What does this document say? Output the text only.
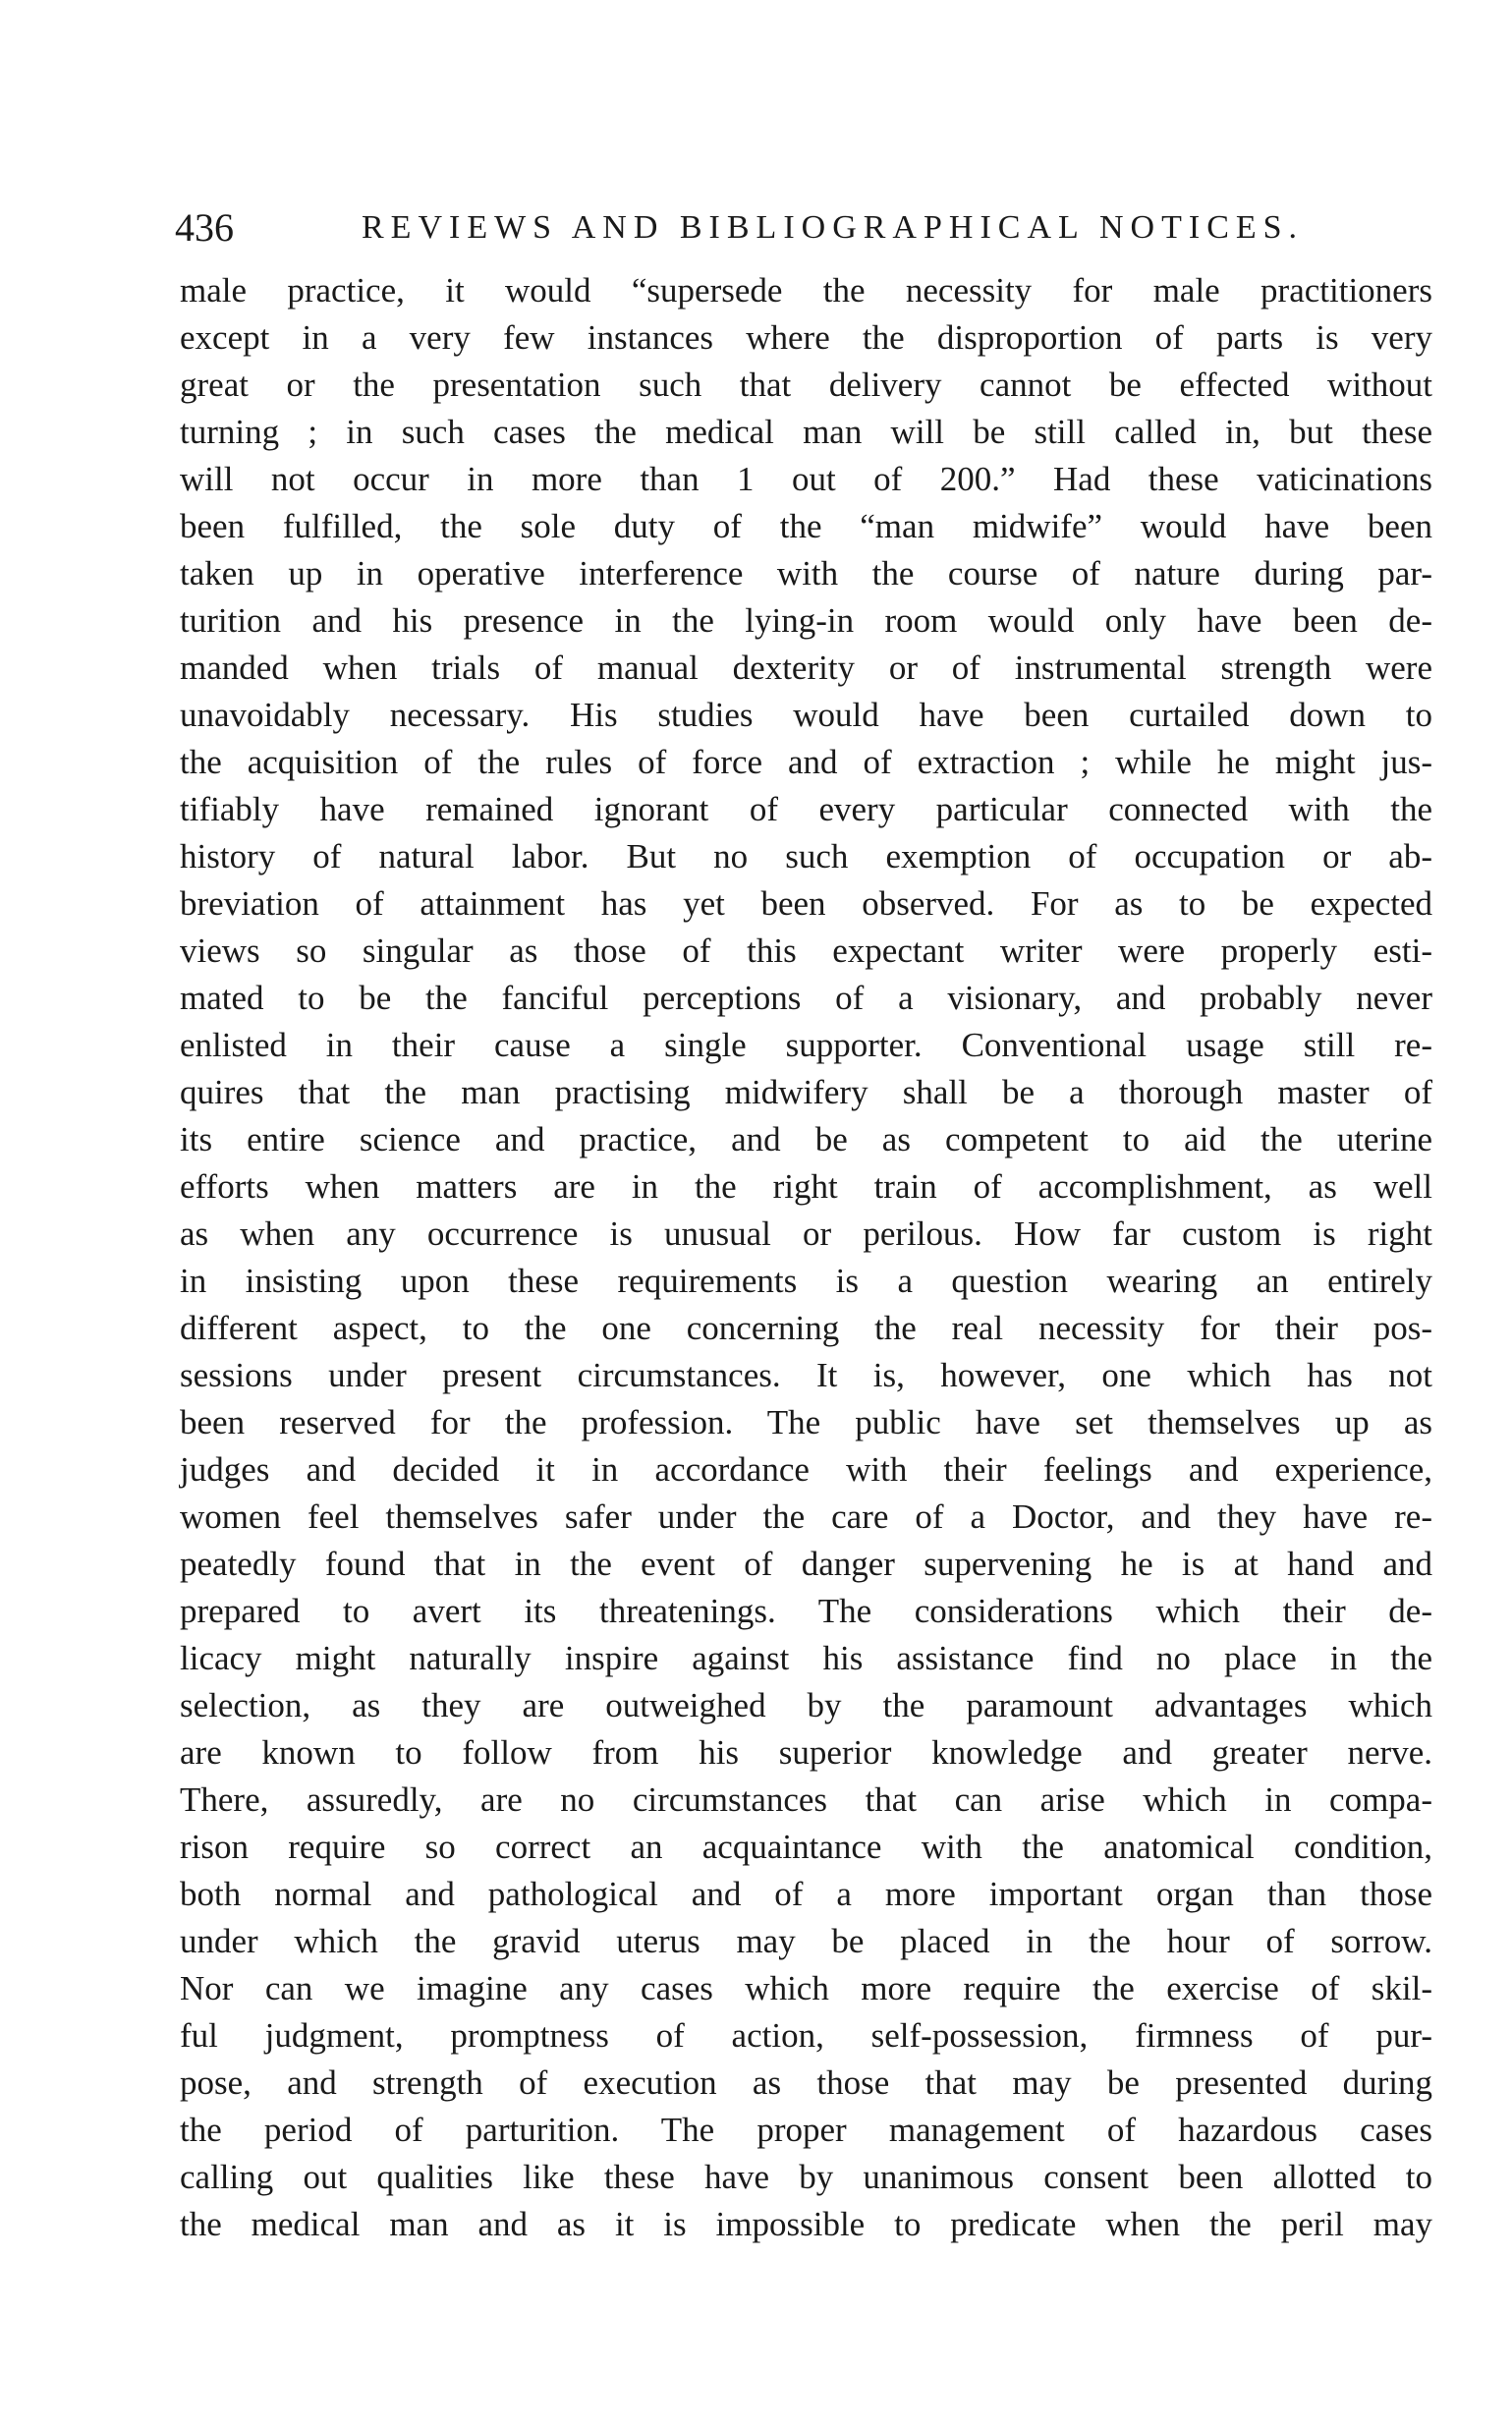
436	REVIEWS AND BIBLIOGRAPHICAL NOTICES.
male practice, it would “supersede the necessity for male practitioners
except in a very few instances where the disproportion of parts is very
great or the presentation such that delivery cannot be effected without
turning ; in such cases the medical man will be still called in, but these
will not occur in more than 1 out of 200.” Had these vaticinations
been fulfilled, the sole duty of the “man midwife” would have been
taken up in operative interference with the course of nature during par-
turition and his presence in the lying-in room would only have been de-
manded when trials of manual dexterity or of instrumental strength were
unavoidably necessary. His studies would have been curtailed down to
the acquisition of the rules of force and of extraction ; while he might jus-
tifiably have remained ignorant of every particular connected with the
history of natural labor. But no such exemption of occupation or ab-
breviation of attainment has yet been observed. For as to be expected
views so singular as those of this expectant writer were properly esti-
mated to be the fanciful perceptions of a visionary, and probably never
enlisted in their cause a single supporter. Conventional usage still re-
quires that the man practising midwifery shall be a thorough master of
its entire science and practice, and be as competent to aid the uterine
efforts when matters are in the right train of accomplishment, as well
as when any occurrence is unusual or perilous. How far custom is right
in insisting upon these requirements is a question wearing an entirely
different aspect, to the one concerning the real necessity for their pos-
sessions under present circumstances. It is, however, one which has not
been reserved for the profession. The public have set themselves up as
judges and decided it in accordance with their feelings and experience,
women feel themselves safer under the care of a Doctor, and they have re-
peatedly found that in the event of danger supervening he is at hand and
prepared to avert its threatenings. The considerations which their de-
licacy might naturally inspire against his assistance find no place in the
selection, as they are outweighed by the paramount advantages which
are known to follow from his superior knowledge and greater nerve.
There, assuredly, are no circumstances that can arise which in compa-
rison require so correct an acquaintance with the anatomical condition,
both normal and pathological and of a more important organ than those
under which the gravid uterus may be placed in the hour of sorrow.
Nor can we imagine any cases which more require the exercise of skil-
ful judgment, promptness of action, self-possession, firmness of pur-
pose, and strength of execution as those that may be presented during
the period of parturition. The proper management of hazardous cases
calling out qualities like these have by unanimous consent been allotted to
the medical man and as it is impossible to predicate when the peril may
